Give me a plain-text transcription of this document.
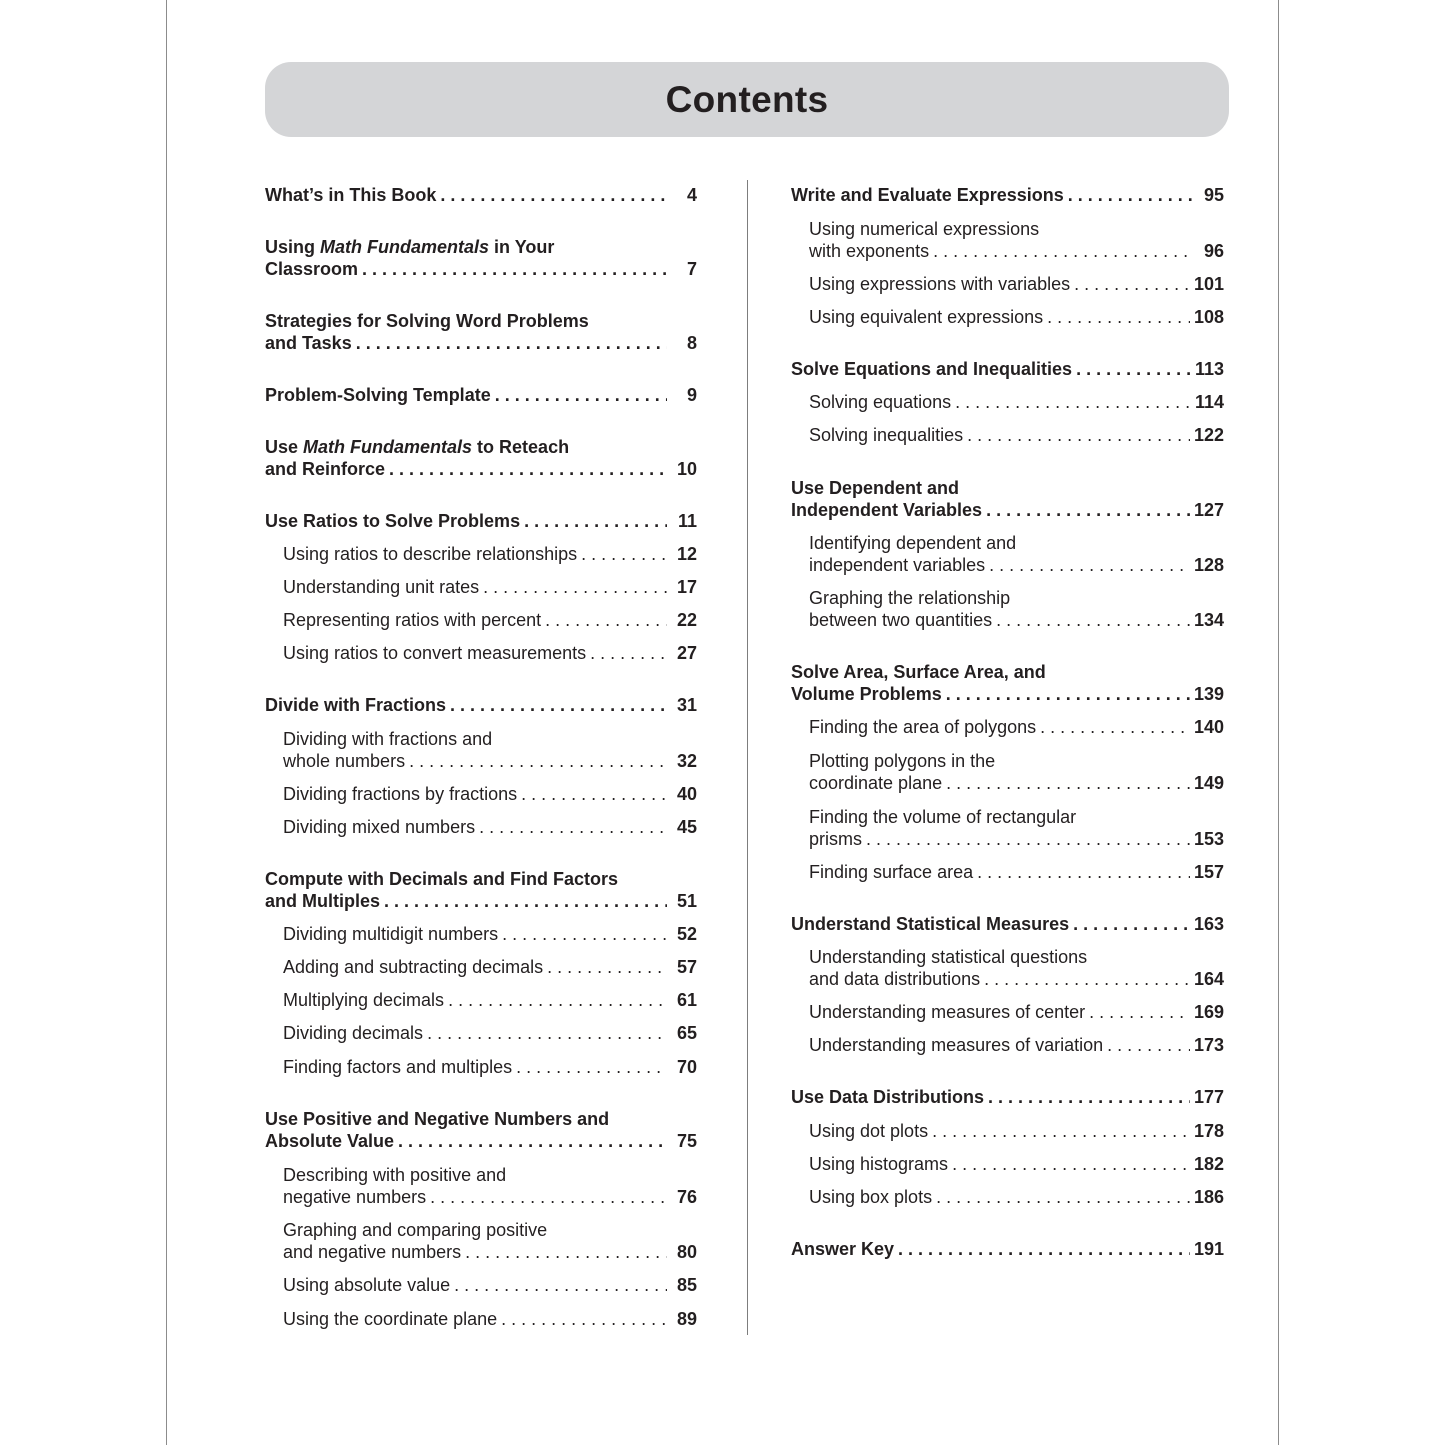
Contents
What’s in This Book . . .	4
Using Math Fundamentals in Your
Classroom . . .	7
Strategies for Solving Word Problems
and Tasks . . .	8
Problem-Solving Template . . .	9
Use Math Fundamentals to Reteach
and Reinforce . . .	10
Use Ratios to Solve Problems . . .	11
Using ratios to describe relationships . . .	12
Understanding unit rates . . .	17
Representing ratios with percent . . .	22
Using ratios to convert measurements . . .	27
Divide with Fractions . . .	31
Dividing with fractions and
whole numbers . . .	32
Dividing fractions by fractions . . .	40
Dividing mixed numbers . . .	45
Compute with Decimals and Find Factors
and Multiples . . .	51
Dividing multidigit numbers . . .	52
Adding and subtracting decimals . . .	57
Multiplying decimals . . .	61
Dividing decimals . . .	65
Finding factors and multiples . . .	70
Use Positive and Negative Numbers and
Absolute Value . . .	75
Describing with positive and
negative numbers . . .	76
Graphing and comparing positive
and negative numbers . . .	80
Using absolute value . . .	85
Using the coordinate plane . . .	89
Write and Evaluate Expressions . . .	95
Using numerical expressions
with exponents . . .	96
Using expressions with variables . . .	101
Using equivalent expressions . . .	108
Solve Equations and Inequalities . . .	113
Solving equations . . .	114
Solving inequalities . . .	122
Use Dependent and
Independent Variables . . .	127
Identifying dependent and
independent variables . . .	128
Graphing the relationship
between two quantities . . .	134
Solve Area, Surface Area, and
Volume Problems . . .	139
Finding the area of polygons . . .	140
Plotting polygons in the
coordinate plane . . .	149
Finding the volume of rectangular
prisms . . .	153
Finding surface area . . .	157
Understand Statistical Measures . . .	163
Understanding statistical questions
and data distributions . . .	164
Understanding measures of center . . .	169
Understanding measures of variation . . .	173
Use Data Distributions . . .	177
Using dot plots . . .	178
Using histograms . . .	182
Using box plots . . .	186
Answer Key . . .	191
